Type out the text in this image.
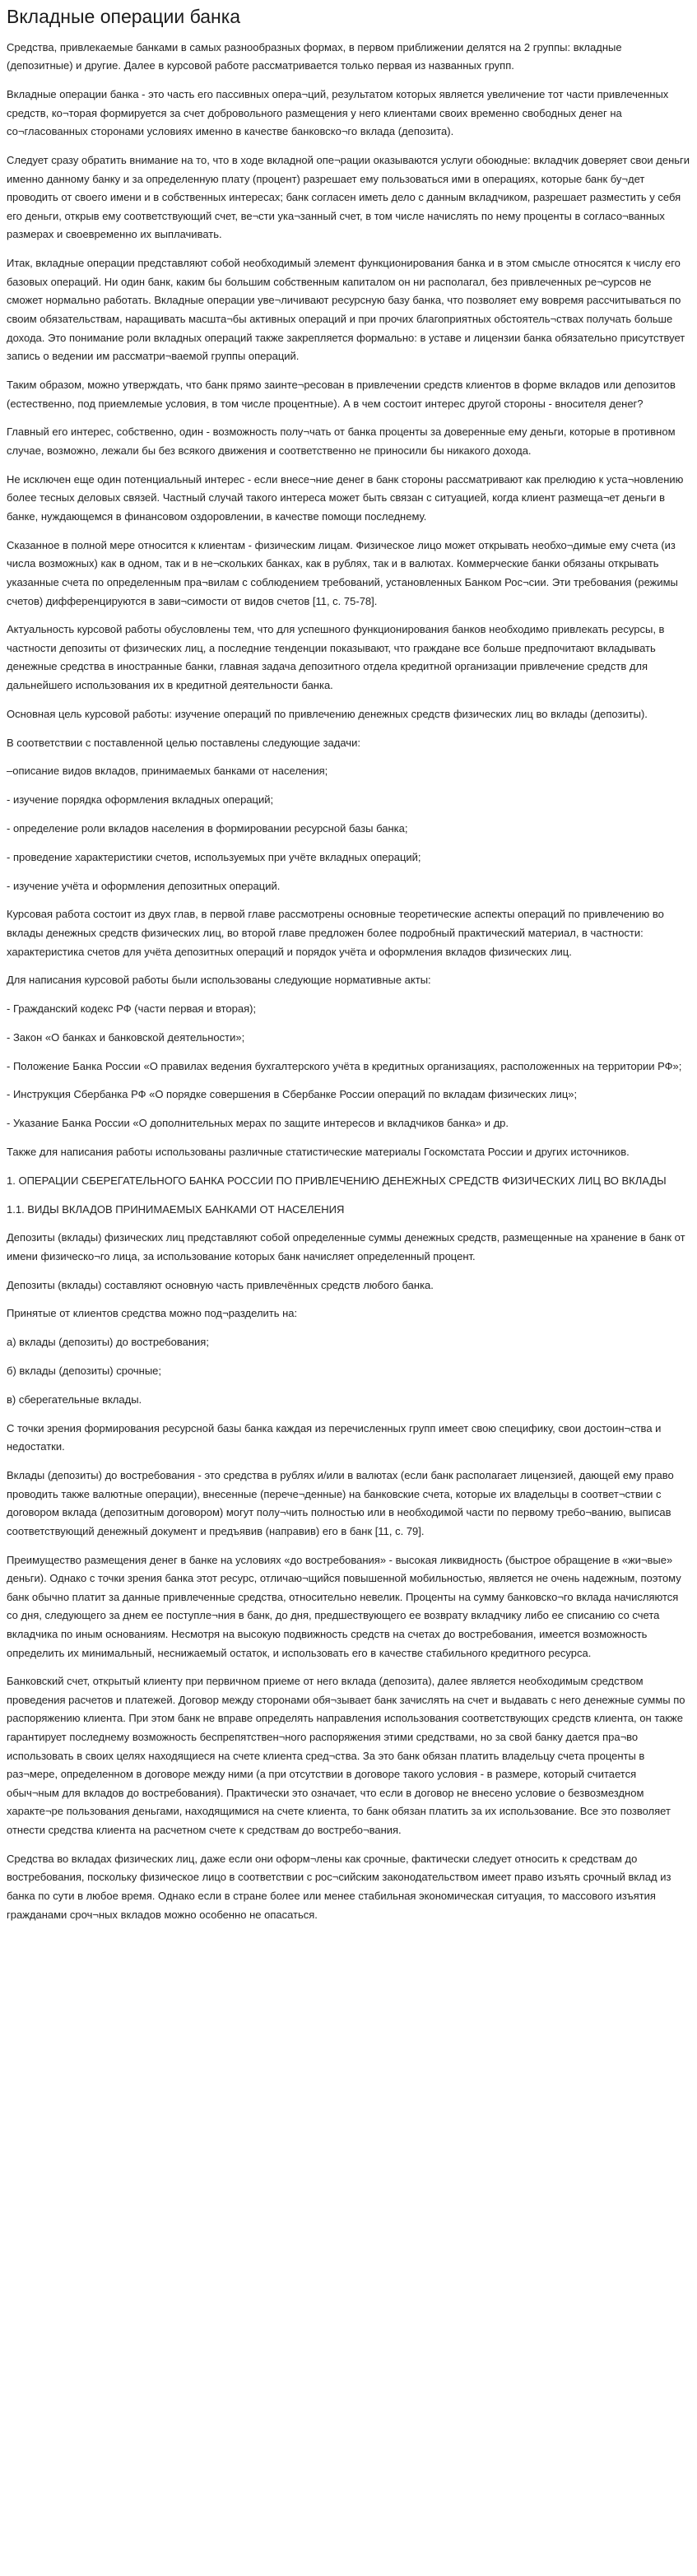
Вкладные операции банка

Средства, привлекаемые банками в самых разнообразных формах, в первом приближении делятся на 2 группы: вкладные (депозитные) и другие. Далее в курсовой работе рассматривается только первая из названных групп.

Вкладные операции банка - это часть его пассивных опера¬ций, результатом которых является увеличение тот части привлеченных средств, ко¬торая формируется за счет добровольного размещения у него клиентами своих временно свободных денег на со¬гласованных сторонами условиях именно в качестве банковско¬го вклада (депозита).

Следует сразу обратить внимание на то, что в ходе вкладной опе¬рации оказываются услуги обоюдные: вкладчик доверяет свои деньги именно данному банку и за определенную плату (процент) разрешает ему пользоваться ими в операциях, которые банк бу¬дет проводить от своего имени и в собственных интересах; банк согласен иметь дело с данным вкладчиком, разрешает разместить у себя его деньги, открыв ему соответствующий счет, ве¬сти ука¬занный счет, в том числе начислять по нему проценты в согласо¬ванных размерах и своевременно их выплачивать.

Итак, вкладные операции представляют собой необходимый элемент функционирования банка и в этом смысле относятся к числу его базовых операций. Ни один банк, каким бы большим собственным капиталом он ни располагал, без привлеченных ре¬сурсов не сможет нормально работать. Вкладные операции уве¬личивают ресурсную базу банка, что позволяет ему вовремя рассчитываться по своим обязательствам, наращивать масшта¬бы активных операций и при прочих благоприятных обстоятель¬ствах получать больше дохода. Это понимание роли вкладных операций также закрепляется формально: в уставе и лицензии банка обязательно присутствует запись о ведении им рассматри¬ваемой группы операций.

Таким образом, можно утверждать, что банк прямо заинте¬ресован в привлечении средств клиентов в форме вкладов или депозитов (естественно, под приемлемые условия, в том числе процентные). А в чем состоит интерес другой стороны - вносителя денег?

Главный его интерес, собственно, один - возможность полу¬чать от банка проценты за доверенные ему деньги, которые в противном случае, возможно, лежали бы без всякого движения и соответственно не приносили бы никакого дохода.

Не исключен еще один потенциальный интерес - если внесе¬ние денег в банк стороны рассматривают как прелюдию к уста¬новлению более тесных деловых связей. Частный случай такого интереса может быть связан с ситуацией, когда клиент размеща¬ет деньги в банке, нуждающемся в финансовом оздоровлении, в качестве помощи последнему.

Сказанное в полной мере относится к клиентам - физическим лицам. Физическое лицо может открывать необхо¬димые ему счета (из числа возможных) как в одном, так и в не¬скольких банках, как в рублях, так и в валютах. Коммерческие банки обязаны открывать указанные счета по определенным пра¬вилам с соблюдением требований, установленных Банком Рос¬сии. Эти требования (режимы счетов) дифференцируются в зави¬симости от видов счетов [11, с. 75-78].

Актуальность курсовой работы обусловлены тем, что для успешного функционирования банков необходимо привлекать ресурсы, в частности депозиты от физических лиц, а последние тенденции показывают, что граждане все больше предпочитают вкладывать денежные средства в иностранные банки, главная задача депозитного отдела кредитной организации привлечение средств для дальнейшего использования их в кредитной деятельности банка.

Основная цель курсовой работы: изучение операций по привлечению денежных средств физических лиц во вклады (депозиты).

В соответствии с поставленной целью поставлены следующие задачи:

–описание видов вкладов, принимаемых банками от населения;

- изучение порядка оформления вкладных операций;

- определение роли вкладов населения в формировании ресурсной базы банка;

- проведение характеристики счетов, используемых при учёте вкладных операций;

- изучение учёта и оформления депозитных операций.

Курсовая работа состоит из двух глав, в первой главе рассмотрены основные теоретические аспекты операций по привлечению во вклады денежных средств физических лиц, во второй главе предложен более подробный практический материал, в частности: характеристика счетов для учёта депозитных операций и порядок учёта и оформления вкладов физических лиц.

Для написания курсовой работы были использованы следующие нормативные акты:

- Гражданский кодекс РФ (части первая и вторая);

- Закон «О банках и банковской деятельности»;

- Положение Банка России «О правилах ведения бухгалтерского учёта в кредитных организациях, расположенных на территории РФ»;

- Инструкция Сбербанка РФ «О порядке совершения в Сбербанке России операций по вкладам физических лиц»;

- Указание Банка России «О дополнительных мерах по защите интересов и вкладчиков банка» и др.

Также для написания работы использованы различные статистические материалы Госкомстата России и других источников.

1. ОПЕРАЦИИ СБЕРЕГАТЕЛЬНОГО БАНКА РОССИИ ПО ПРИВЛЕЧЕНИЮ ДЕНЕЖНЫХ СРЕДСТВ ФИЗИЧЕСКИХ ЛИЦ ВО ВКЛАДЫ

1.1. ВИДЫ ВКЛАДОВ ПРИНИМАЕМЫХ БАНКАМИ ОТ НАСЕЛЕНИЯ

Депозиты (вклады) физических лиц представляют собой определенные суммы денежных средств, размещенные на хранение в банк от имени физическо¬го лица, за использование которых банк начисляет определенный процент.

Депозиты (вклады) составляют основную часть привлечённых средств любого банка.

Принятые от клиентов средства можно под¬разделить на:

а) вклады (депозиты) до востребования;

б) вклады (депозиты) срочные;

в) сберегательные вклады.

С точки зрения формирования ресурсной базы банка каждая из перечисленных групп имеет свою специфику, свои достоин¬ства и недостатки.

Вклады (депозиты) до востребования - это средства в рублях и/или в валютах (если банк располагает лицензией, дающей ему право проводить также валютные операции), внесенные (перече¬денные) на банковские счета, которые их владельцы в соответ¬ствии с договором вклада (депозитным договором) могут полу¬чить полностью или в необходимой части по первому требо¬ванию, выписав соответствующий денежный документ и предъявив (направив) его в банк [11, с. 79].

Преимущество размещения денег в банке на условиях «до востребования» - высокая ликвидность (быстрое обращение в «жи¬вые» деньги). Однако с точки зрения банка этот ресурс, отличаю¬щийся повышенной мобильностью, является не очень надежным, поэтому банк обычно платит за данные привлеченные средства, относительно невелик. Проценты на сумму банковско¬го вклада начисляются со дня, следующего за днем ее поступле¬ния в банк, до дня, предшествующего ее возврату вкладчику либо ее списанию со счета вкладчика по иным основаниям. Несмотря на высокую подвижность средств на счетах до востребования, имеется возможность определить их минимальный, неснижаемый остаток, и использовать его в качестве стабильного кредитного ресурса.

Банковский счет, открытый клиенту при первичном приеме от него вклада (депозита), далее является необходимым средством проведения расчетов и платежей. Договор между сторонами обя¬зывает банк зачислять на счет и выдавать с него денежные суммы по распоряжению клиента. При этом банк не вправе определять направления использования соответствующих средств клиента, он также гарантирует последнему возможность беспрепятствен¬ного распоряжения этими средствами, но за свой банку дается пра¬во использовать в своих целях находящиеся на счете клиента сред¬ства. За это банк обязан платить владельцу счета проценты в раз¬мере, определенном в договоре между ними (а при отсутствии в договоре такого условия - в размере, который считается обыч¬ным для вкладов до востребования). Практически это означает, что если в договор не внесено условие о безвозмездном характе¬ре пользования деньгами, находящимися на счете клиента, то банк обязан платить за их использование. Все это позволяет отнести средства клиента на расчетном счете к средствам до востребо¬вания.

Средства во вкладах физических лиц, даже если они оформ¬лены как срочные, фактически следует относить к средствам до востребования, поскольку физическое лицо в соответствии с рос¬сийским законодательством имеет право изъять срочный вклад из банка по сути в любое время. Однако если в стране более или менее стабильная экономическая ситуация, то массового изъятия гражданами сроч¬ных вкладов можно особенно не опасаться.
